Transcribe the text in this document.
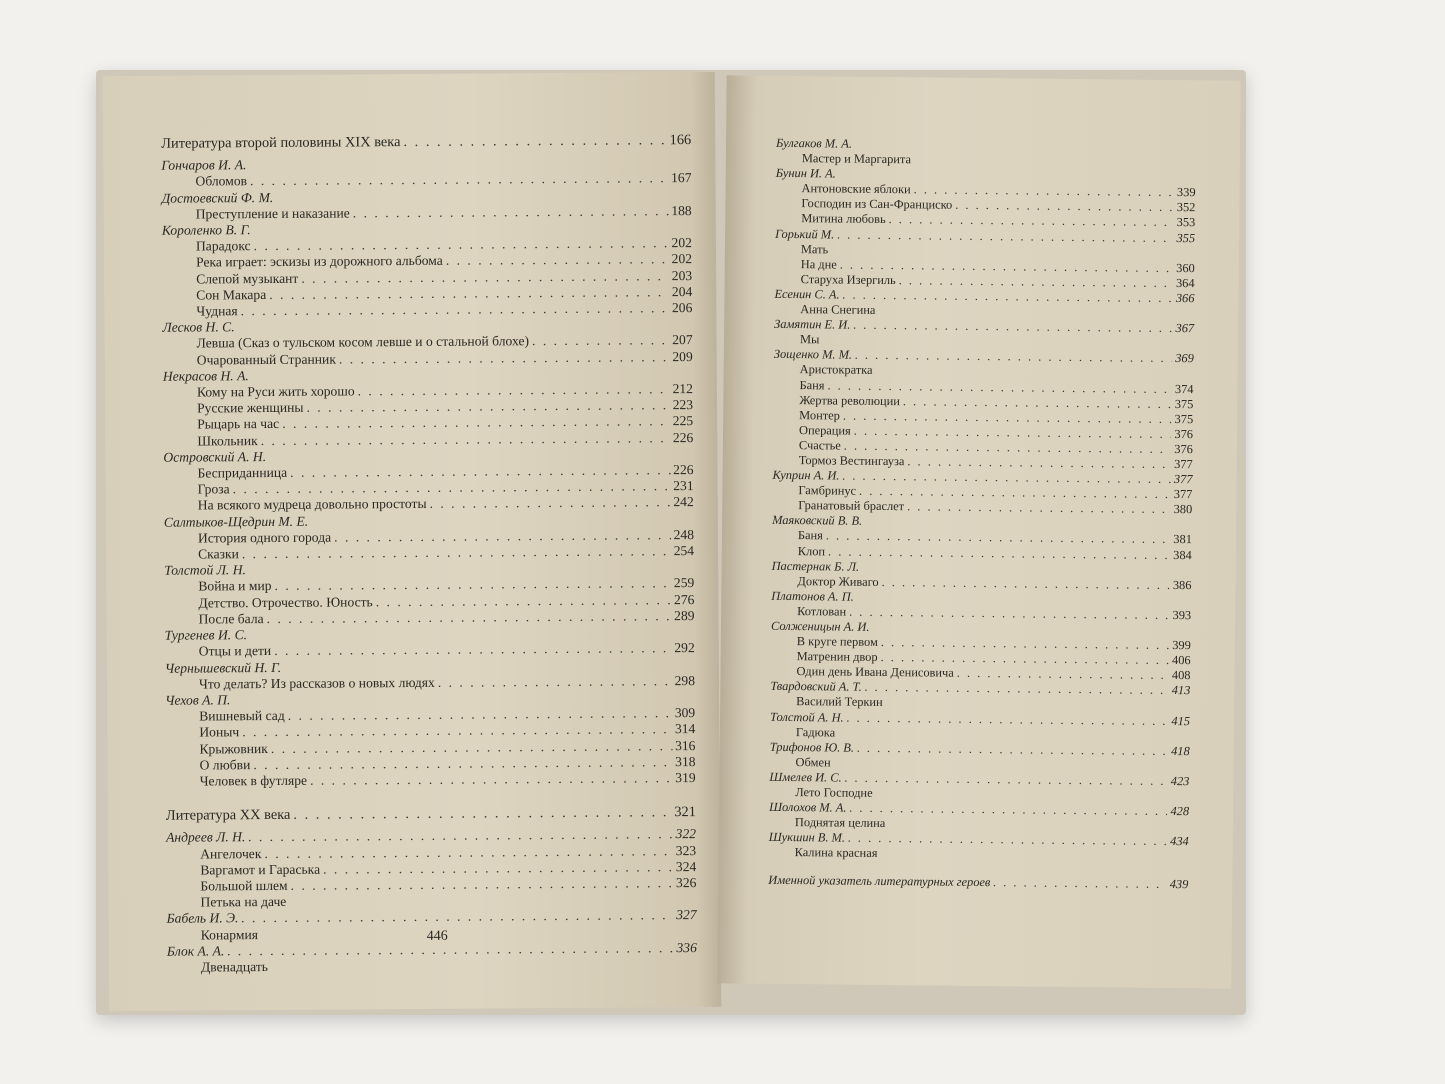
Литература второй половины XIX века . . .	166
Гончаров И. А.
Обломов . . .	167
Достоевский Ф. М.
Преступление и наказание . . .	188
Короленко В. Г.
Парадокс . . .	202
Река играет: эскизы из дорожного альбома . . .	202
Слепой музыкант . . .	203
Сон Макара . . .	204
Чудная . . .	206
Лесков Н. С.
Левша (Сказ о тульском косом левше и о стальной блохе) . . .	207
Очарованный Странник . . .	209
Некрасов Н. А.
Кому на Руси жить хорошо . . .	212
Русские женщины . . .	223
Рыцарь на час . . .	225
Школьник . . .	226
Островский А. Н.
Бесприданница . . .	226
Гроза . . .	231
На всякого мудреца довольно простоты . . .	242
Салтыков-Щедрин М. Е.
История одного города . . .	248
Сказки . . .	254
Толстой Л. Н.
Война и мир . . .	259
Детство. Отрочество. Юность . . .	276
После бала . . .	289
Тургенев И. С.
Отцы и дети . . .	292
Чернышевский Н. Г.
Что делать? Из рассказов о новых людях . . .	298
Чехов А. П.
Вишневый сад . . .	309
Ионыч . . .	314
Крыжовник . . .	316
О любви . . .	318
Человек в футляре . . .	319
Литература XX века . . .	321
Андреев Л. Н. . . .	322
Ангелочек . . .	323
Варгамот и Гараська . . .	324
Большой шлем . . .	326
Петька на даче
Бабель И. Э. . . .	327
Конармия
Блок А. А. . . .	336
Двенадцать
446
Булгаков М. А.
Мастер и Маргарита
Бунин И. А.
Антоновские яблоки . . .	339
Господин из Сан-Франциско . . .	352
Митина любовь . . .	353
Горький М. . . .	355
Мать
На дне . . .	360
Старуха Изергиль . . .	364
Есенин С. А. . . .	366
Анна Снегина
Замятин Е. И. . . .	367
Мы
Зощенко М. М. . . .	369
Аристократка
Баня . . .	374
Жертва революции . . .	375
Монтер . . .	375
Операция . . .	376
Счастье . . .	376
Тормоз Вестингауза . . .	377
Куприн А. И. . . .	377
Гамбринус . . .	377
Гранатовый браслет . . .	380
Маяковский В. В.
Баня . . .	381
Клоп . . .	384
Пастернак Б. Л.
Доктор Живаго . . .	386
Платонов А. П.
Котлован . . .	393
Солженицын А. И.
В круге первом . . .	399
Матренин двор . . .	406
Один день Ивана Денисовича . . .	408
Твардовский А. Т. . . .	413
Василий Теркин
Толстой А. Н. . . .	415
Гадюка
Трифонов Ю. В. . . .	418
Обмен
Шмелев И. С. . . .	423
Лето Господне
Шолохов М. А. . . .	428
Поднятая целина
Шукшин В. М. . . .	434
Калина красная
Именной указатель литературных героев . . .	439
